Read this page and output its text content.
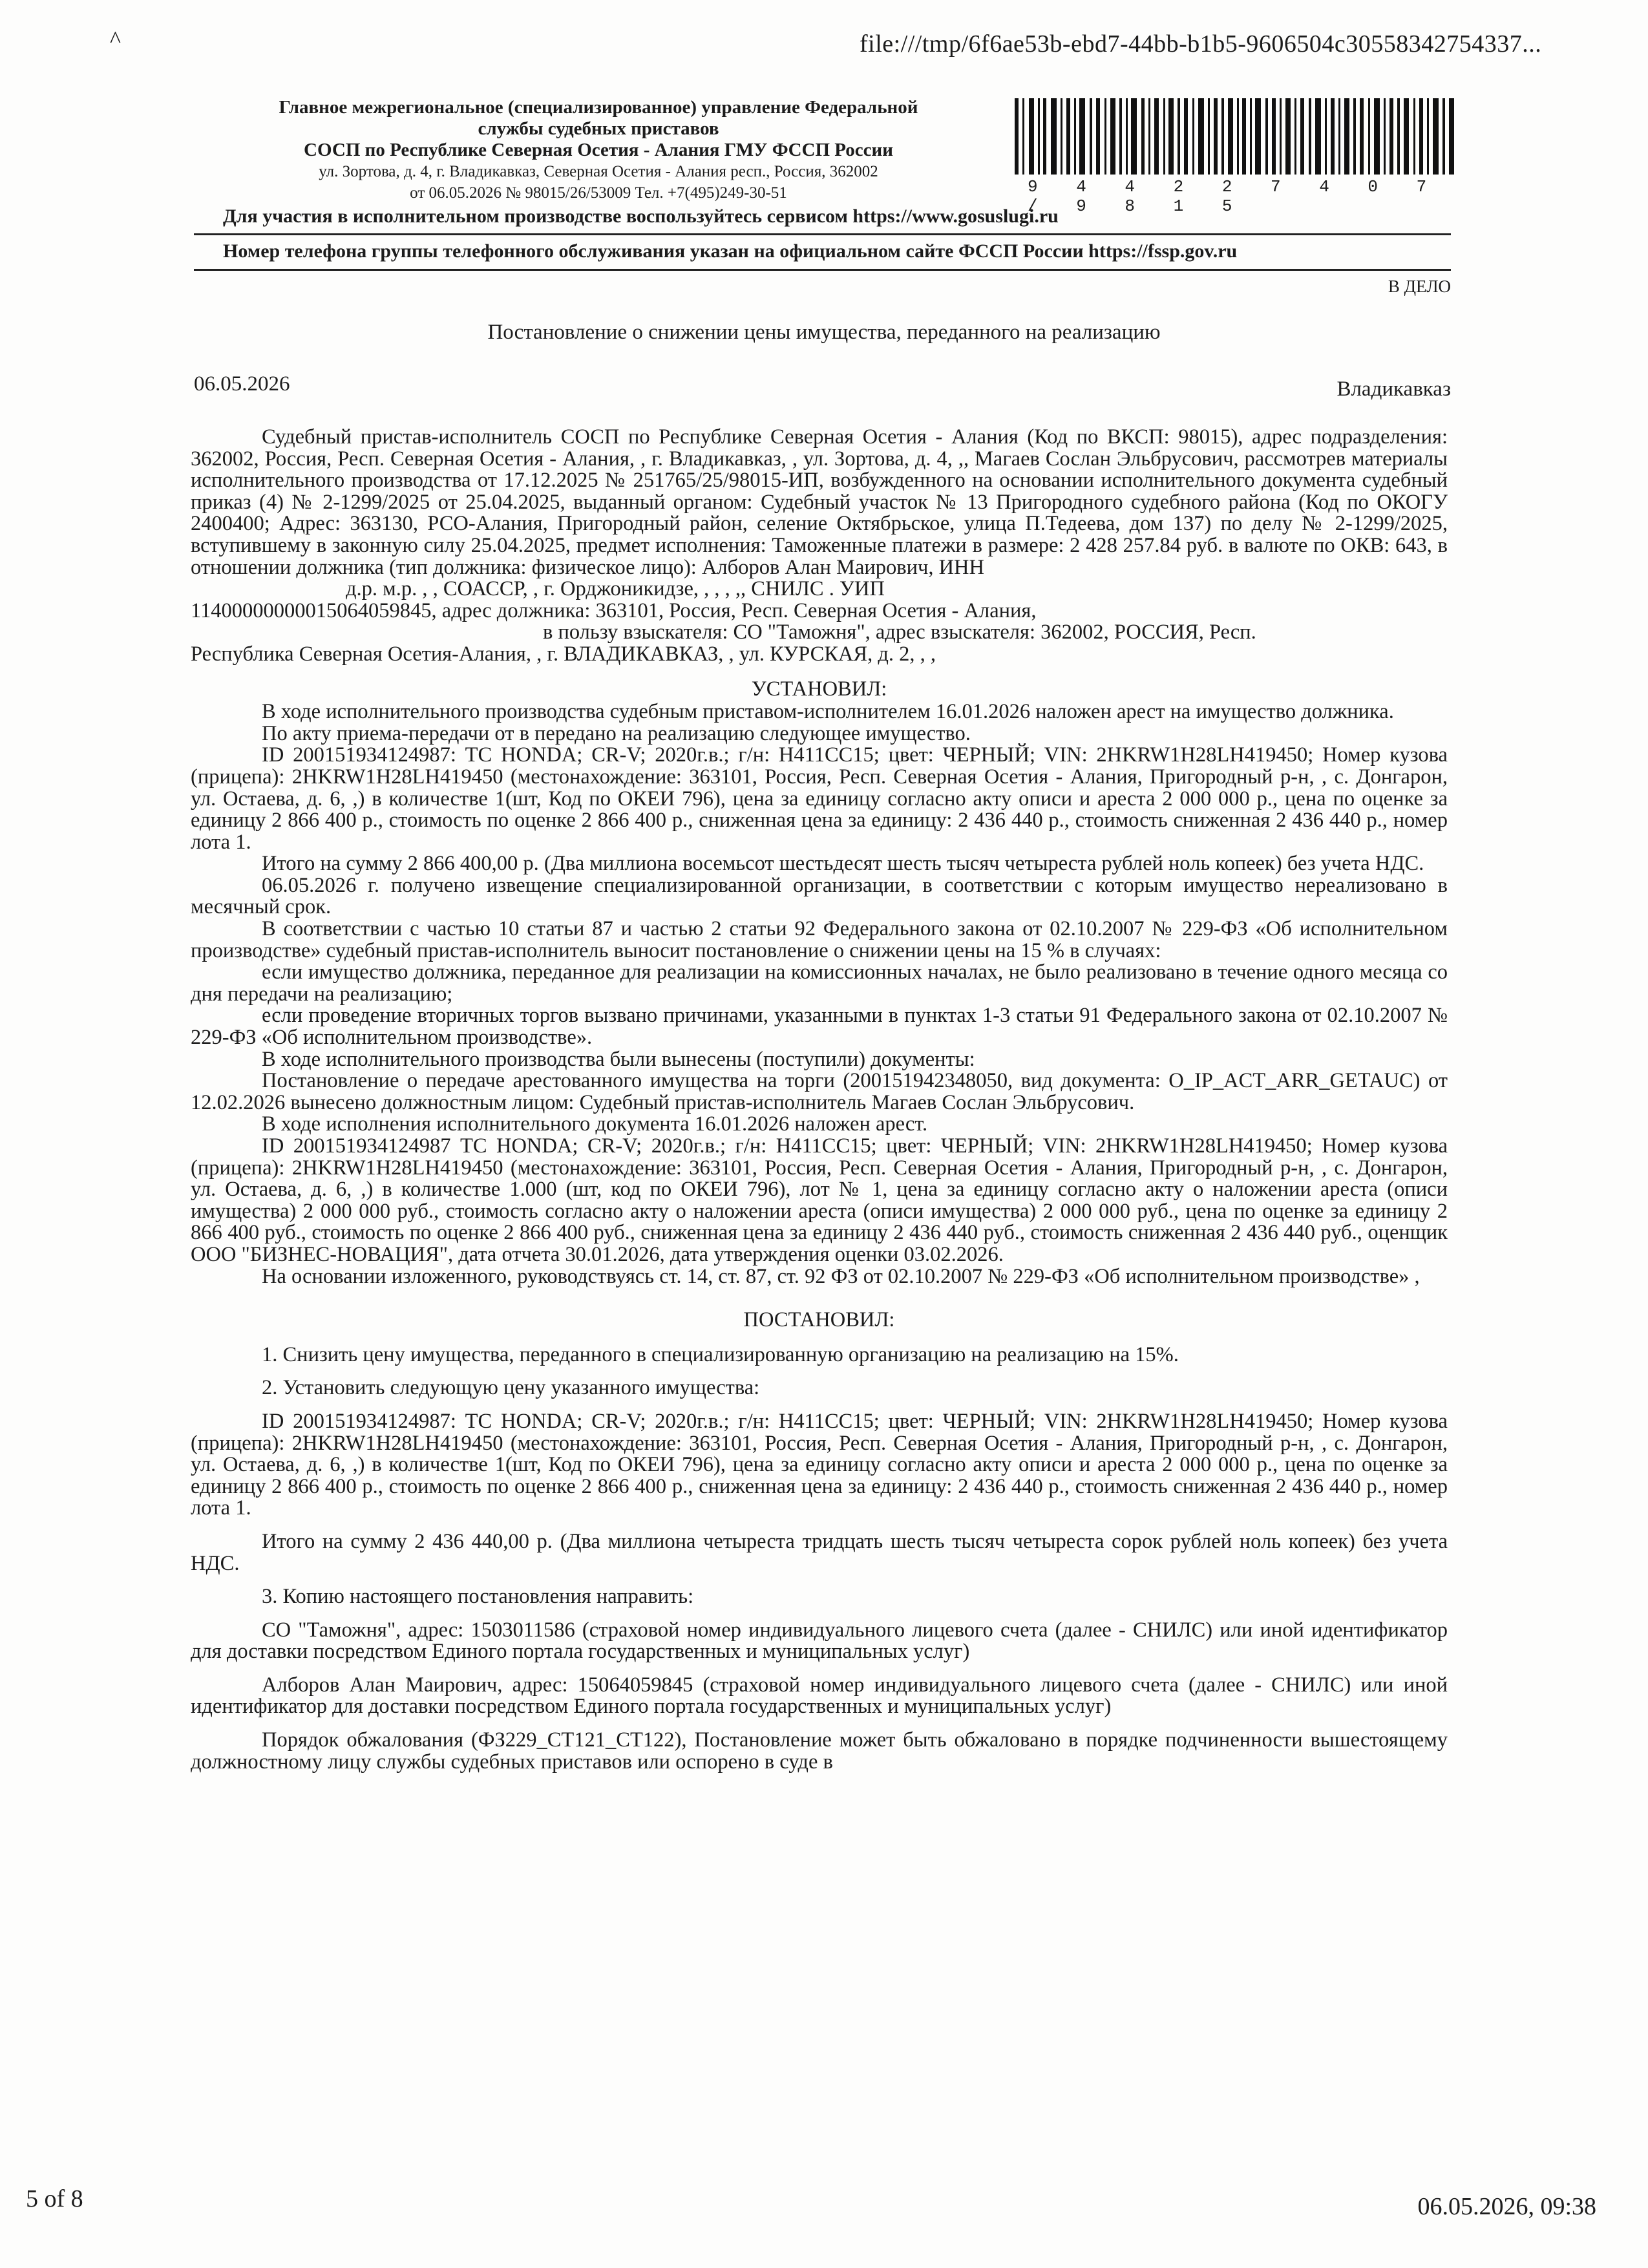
^	file:///tmp/6f6ae53b-ebd7-44bb-b1b5-9606504c30558342754337...
Главное межрегиональное (специализированное) управление Федеральной
службы судебных приставов
СОСП по Республике Северная Осетия - Алания ГМУ ФССП России
ул. Зортова, д. 4, г. Владикавказ, Северная Осетия - Алания респ., Россия, 362002
от 06.05.2026 № 98015/26/53009 Тел. +7(495)249-30-51	9 4 4 2 2 7 4 0 7 / 9 8 1 5
Для участия в исполнительном производстве воспользуйтесь сервисом https://www.gosuslugi.ru
Номер телефона группы телефонного обслуживания указан на официальном сайте ФССП России https://fssp.gov.ru
В ДЕЛО
Постановление о снижении цены имущества, переданного на реализацию
06.05.2026	Владикавказ

Судебный пристав-исполнитель СОСП по Республике Северная Осетия - Алания (Код по ВКСП: 98015), адрес подразделения: 362002, Россия, Респ. Северная Осетия - Алания, , г. Владикавказ, , ул. Зортова, д. 4, ,, Магаев Сослан Эльбрусович, рассмотрев материалы исполнительного производства от 17.12.2025 № 251765/25/98015-ИП, возбужденного на основании исполнительного документа судебный приказ (4) № 2-1299/2025 от 25.04.2025, выданный органом: Судебный участок № 13 Пригородного судебного района (Код по ОКОГУ 2400400; Адрес: 363130, РСО-Алания, Пригородный район, селение Октябрьское, улица П.Тедеева, дом 137) по делу № 2-1299/2025, вступившему в законную силу 25.04.2025, предмет исполнения: Таможенные платежи в размере: 2 428 257.84 руб. в валюте по ОКВ: 643, в отношении должника (тип должника: физическое лицо): Алборов Алан Маирович, ИНН

д.р. м.р. , , СОАССР, , г. Орджоникидзе, , , , ,, СНИЛС . УИП

11400000000015064059845, адрес должника: 363101, Россия, Респ. Северная Осетия - Алания,

в пользу взыскателя: СО "Таможня", адрес взыскателя: 362002, РОССИЯ, Респ.

Республика Северная Осетия-Алания, , г. ВЛАДИКАВКАЗ, , ул. КУРСКАЯ, д. 2, , ,

УСТАНОВИЛ:

В ходе исполнительного производства судебным приставом-исполнителем 16.01.2026 наложен арест на имущество должника.

По акту приема-передачи от в передано на реализацию следующее имущество.

ID 200151934124987: ТС HONDA; CR-V; 2020г.в.; г/н: Н411СС15; цвет: ЧЕРНЫЙ; VIN: 2HKRW1H28LH419450; Номер кузова (прицепа): 2HKRW1H28LH419450 (местонахождение: 363101, Россия, Респ. Северная Осетия - Алания, Пригородный р-н, , с. Донгарон, ул. Остаева, д. 6, ,) в количестве 1(шт, Код по ОКЕИ 796), цена за единицу согласно акту описи и ареста 2 000 000 р., цена по оценке за единицу 2 866 400 р., стоимость по оценке 2 866 400 р., сниженная цена за единицу: 2 436 440 р., стоимость сниженная 2 436 440 р., номер лота 1.

Итого на сумму 2 866 400,00 р. (Два миллиона восемьсот шестьдесят шесть тысяч четыреста рублей ноль копеек) без учета НДС.

06.05.2026 г. получено извещение специализированной организации, в соответствии с которым имущество нереализовано в месячный срок.

В соответствии с частью 10 статьи 87 и частью 2 статьи 92 Федерального закона от 02.10.2007 № 229-ФЗ «Об исполнительном производстве» судебный пристав-исполнитель выносит постановление о снижении цены на 15 % в случаях:

если имущество должника, переданное для реализации на комиссионных началах, не было реализовано в течение одного месяца со дня передачи на реализацию;

если проведение вторичных торгов вызвано причинами, указанными в пунктах 1-3 статьи 91 Федерального закона от 02.10.2007 № 229-ФЗ «Об исполнительном производстве».

В ходе исполнительного производства были вынесены (поступили) документы:

Постановление о передаче арестованного имущества на торги (200151942348050, вид документа: O_IP_ACT_ARR_GETAUC) от 12.02.2026 вынесено должностным лицом: Судебный пристав-исполнитель Магаев Сослан Эльбрусович.

В ходе исполнения исполнительного документа 16.01.2026 наложен арест.

ID 200151934124987 ТС HONDA; CR-V; 2020г.в.; г/н: Н411СС15; цвет: ЧЕРНЫЙ; VIN: 2HKRW1H28LH419450; Номер кузова (прицепа): 2HKRW1H28LH419450 (местонахождение: 363101, Россия, Респ. Северная Осетия - Алания, Пригородный р-н, , с. Донгарон, ул. Остаева, д. 6, ,) в количестве 1.000 (шт, код по ОКЕИ 796), лот № 1, цена за единицу согласно акту о наложении ареста (описи имущества) 2 000 000 руб., стоимость согласно акту о наложении ареста (описи имущества) 2 000 000 руб., цена по оценке за единицу 2 866 400 руб., стоимость по оценке 2 866 400 руб., сниженная цена за единицу 2 436 440 руб., стоимость сниженная 2 436 440 руб., оценщик ООО "БИЗНЕС-НОВАЦИЯ", дата отчета 30.01.2026, дата утверждения оценки 03.02.2026.

На основании изложенного, руководствуясь ст. 14, ст. 87, ст. 92 ФЗ от 02.10.2007 № 229-ФЗ «Об исполнительном производстве» ,

ПОСТАНОВИЛ:

1. Снизить цену имущества, переданного в специализированную организацию на реализацию на 15%.

2. Установить следующую цену указанного имущества:

ID 200151934124987: ТС HONDA; CR-V; 2020г.в.; г/н: Н411СС15; цвет: ЧЕРНЫЙ; VIN: 2HKRW1H28LH419450; Номер кузова (прицепа): 2HKRW1H28LH419450 (местонахождение: 363101, Россия, Респ. Северная Осетия - Алания, Пригородный р-н, , с. Донгарон, ул. Остаева, д. 6, ,) в количестве 1(шт, Код по ОКЕИ 796), цена за единицу согласно акту описи и ареста 2 000 000 р., цена по оценке за единицу 2 866 400 р., стоимость по оценке 2 866 400 р., сниженная цена за единицу: 2 436 440 р., стоимость сниженная 2 436 440 р., номер лота 1.

Итого на сумму 2 436 440,00 р. (Два миллиона четыреста тридцать шесть тысяч четыреста сорок рублей ноль копеек) без учета НДС.

3. Копию настоящего постановления направить:

СО "Таможня", адрес: 1503011586 (страховой номер индивидуального лицевого счета (далее - СНИЛС) или иной идентификатор для доставки посредством Единого портала государственных и муниципальных услуг)

Алборов Алан Маирович, адрес: 15064059845 (страховой номер индивидуального лицевого счета (далее - СНИЛС) или иной идентификатор для доставки посредством Единого портала государственных и муниципальных услуг)

Порядок обжалования (ФЗ229_СТ121_СТ122), Постановление может быть обжаловано в порядке подчиненности вышестоящему должностному лицу службы судебных приставов или оспорено в суде в

5 of 8	06.05.2026, 09:38
